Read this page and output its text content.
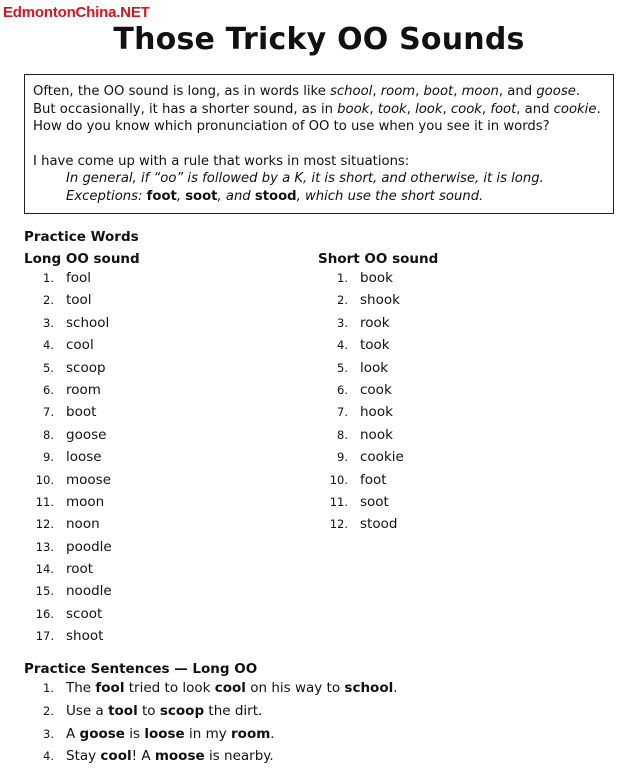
EdmontonChina.NET
Those Tricky OO Sounds

Often, the OO sound is long, as in words like school, room, boot, moon, and goose.

But occasionally, it has a shorter sound, as in book, took, look, cook, foot, and cookie.

How do you know which pronunciation of OO to use when you see it in words?

I have come up with a rule that works in most situations:

In general, if “oo” is followed by a K, it is short, and otherwise, it is long.

Exceptions: foot, soot, and stood, which use the short sound.

Practice Words

Long OO sound	Short OO sound

1. fool
2. tool
3. school
4. cool
5. scoop
6. room
7. boot
8. goose
9. loose
10. moose
11. moon
12. noon
13. poodle
14. root
15. noodle
16. scoot
17. shoot
1. book
2. shook
3. rook
4. took
5. look
6. cook
7. hook
8. nook
9. cookie
10. foot
11. soot
12. stood

Practice Sentences — Long OO

1. The fool tried to look cool on his way to school.
2. Use a tool to scoop the dirt.
3. A goose is loose in my room.
4. Stay cool! A moose is nearby.
